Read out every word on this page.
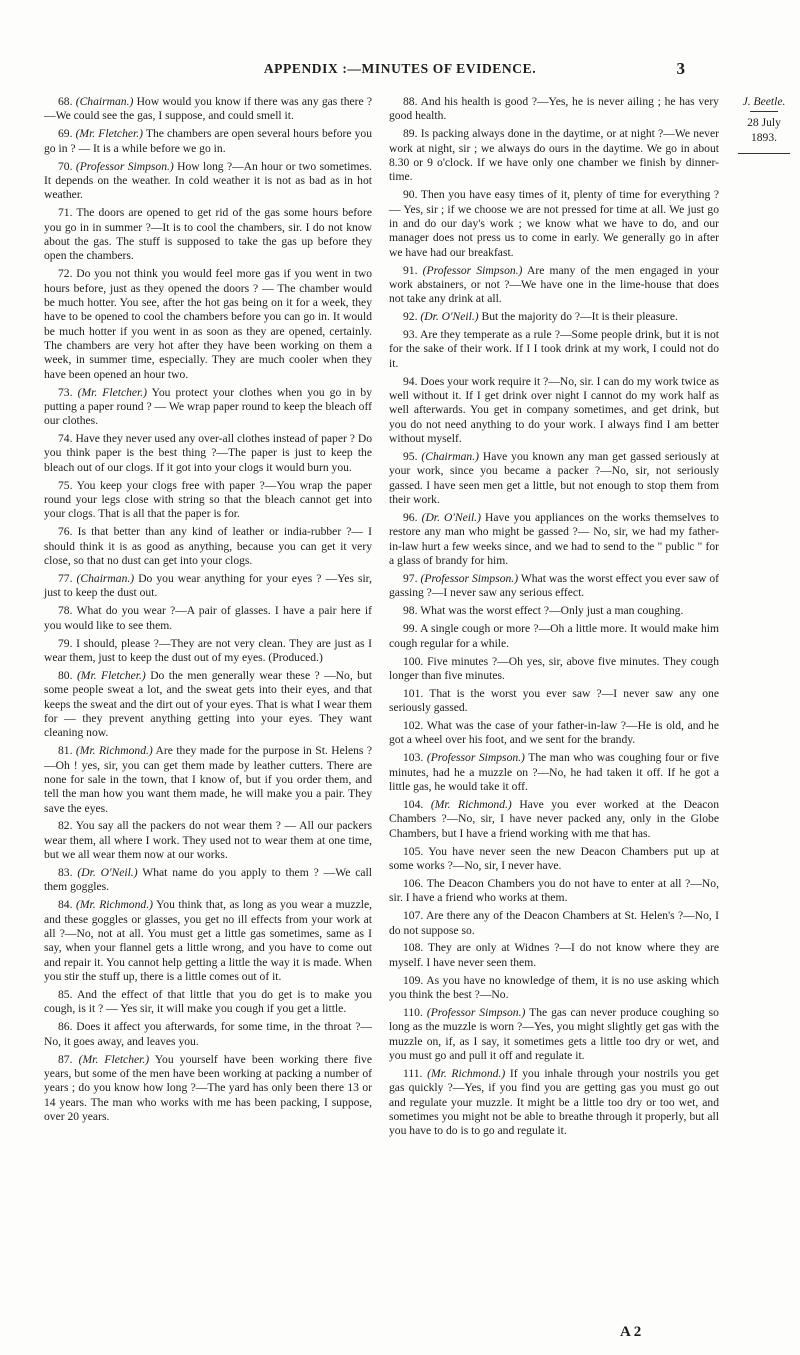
APPENDIX :—MINUTES OF EVIDENCE.	3

68. (Chairman.) How would you know if there was any gas there ?—We could see the gas, I suppose, and could smell it.

69. (Mr. Fletcher.) The chambers are open several hours before you go in ? — It is a while before we go in.

70. (Professor Simpson.) How long ?—An hour or two sometimes. It depends on the weather. In cold weather it is not as bad as in hot weather.

71. The doors are opened to get rid of the gas some hours before you go in in summer ?—It is to cool the chambers, sir. I do not know about the gas. The stuff is supposed to take the gas up before they open the chambers.

72. Do you not think you would feel more gas if you went in two hours before, just as they opened the doors ? — The chamber would be much hotter. You see, after the hot gas being on it for a week, they have to be opened to cool the chambers before you can go in. It would be much hotter if you went in as soon as they are opened, certainly. The chambers are very hot after they have been working on them a week, in summer time, especially. They are much cooler when they have been opened an hour two.

73. (Mr. Fletcher.) You protect your clothes when you go in by putting a paper round ? — We wrap paper round to keep the bleach off our clothes.

74. Have they never used any over-all clothes instead of paper ? Do you think paper is the best thing ?—The paper is just to keep the bleach out of our clogs. If it got into your clogs it would burn you.

75. You keep your clogs free with paper ?—You wrap the paper round your legs close with string so that the bleach cannot get into your clogs. That is all that the paper is for.

76. Is that better than any kind of leather or india-rubber ?— I should think it is as good as anything, because you can get it very close, so that no dust can get into your clogs.

77. (Chairman.) Do you wear anything for your eyes ? —Yes sir, just to keep the dust out.

78. What do you wear ?—A pair of glasses. I have a pair here if you would like to see them.

79. I should, please ?—They are not very clean. They are just as I wear them, just to keep the dust out of my eyes. (Produced.)

80. (Mr. Fletcher.) Do the men generally wear these ? —No, but some people sweat a lot, and the sweat gets into their eyes, and that keeps the sweat and the dirt out of your eyes. That is what I wear them for — they prevent anything getting into your eyes. They want cleaning now.

81. (Mr. Richmond.) Are they made for the purpose in St. Helens ?—Oh ! yes, sir, you can get them made by leather cutters. There are none for sale in the town, that I know of, but if you order them, and tell the man how you want them made, he will make you a pair. They save the eyes.

82. You say all the packers do not wear them ? — All our packers wear them, all where I work. They used not to wear them at one time, but we all wear them now at our works.

83. (Dr. O'Neil.) What name do you apply to them ? —We call them goggles.

84. (Mr. Richmond.) You think that, as long as you wear a muzzle, and these goggles or glasses, you get no ill effects from your work at all ?—No, not at all. You must get a little gas sometimes, same as I say, when your flannel gets a little wrong, and you have to come out and repair it. You cannot help getting a little the way it is made. When you stir the stuff up, there is a little comes out of it.

85. And the effect of that little that you do get is to make you cough, is it ? — Yes sir, it will make you cough if you get a little.

86. Does it affect you afterwards, for some time, in the throat ?—No, it goes away, and leaves you.

87. (Mr. Fletcher.) You yourself have been working there five years, but some of the men have been working at packing a number of years ; do you know how long ?—The yard has only been there 13 or 14 years. The man who works with me has been packing, I suppose, over 20 years.

88. And his health is good ?—Yes, he is never ailing ; he has very good health.

89. Is packing always done in the daytime, or at night ?—We never work at night, sir ; we always do ours in the daytime. We go in about 8.30 or 9 o'clock. If we have only one chamber we finish by dinner-time.

90. Then you have easy times of it, plenty of time for everything ? — Yes, sir ; if we choose we are not pressed for time at all. We just go in and do our day's work ; we know what we have to do, and our manager does not press us to come in early. We generally go in after we have had our breakfast.

91. (Professor Simpson.) Are many of the men engaged in your work abstainers, or not ?—We have one in the lime-house that does not take any drink at all.

92. (Dr. O'Neil.) But the majority do ?—It is their pleasure.

93. Are they temperate as a rule ?—Some people drink, but it is not for the sake of their work. If I I took drink at my work, I could not do it.

94. Does your work require it ?—No, sir. I can do my work twice as well without it. If I get drink over night I cannot do my work half as well afterwards. You get in company sometimes, and get drink, but you do not need anything to do your work. I always find I am better without myself.

95. (Chairman.) Have you known any man get gassed seriously at your work, since you became a packer ?—No, sir, not seriously gassed. I have seen men get a little, but not enough to stop them from their work.

96. (Dr. O'Neil.) Have you appliances on the works themselves to restore any man who might be gassed ?— No, sir, we had my father-in-law hurt a few weeks since, and we had to send to the " public " for a glass of brandy for him.

97. (Professor Simpson.) What was the worst effect you ever saw of gassing ?—I never saw any serious effect.

98. What was the worst effect ?—Only just a man coughing.

99. A single cough or more ?—Oh a little more. It would make him cough regular for a while.

100. Five minutes ?—Oh yes, sir, above five minutes. They cough longer than five minutes.

101. That is the worst you ever saw ?—I never saw any one seriously gassed.

102. What was the case of your father-in-law ?—He is old, and he got a wheel over his foot, and we sent for the brandy.

103. (Professor Simpson.) The man who was coughing four or five minutes, had he a muzzle on ?—No, he had taken it off. If he got a little gas, he would take it off.

104. (Mr. Richmond.) Have you ever worked at the Deacon Chambers ?—No, sir, I have never packed any, only in the Globe Chambers, but I have a friend working with me that has.

105. You have never seen the new Deacon Chambers put up at some works ?—No, sir, I never have.

106. The Deacon Chambers you do not have to enter at all ?—No, sir. I have a friend who works at them.

107. Are there any of the Deacon Chambers at St. Helen's ?—No, I do not suppose so.

108. They are only at Widnes ?—I do not know where they are myself. I have never seen them.

109. As you have no knowledge of them, it is no use asking which you think the best ?—No.

110. (Professor Simpson.) The gas can never produce coughing so long as the muzzle is worn ?—Yes, you might slightly get gas with the muzzle on, if, as I say, it sometimes gets a little too dry or wet, and you must go and pull it off and regulate it.

111. (Mr. Richmond.) If you inhale through your nostrils you get gas quickly ?—Yes, if you find you are getting gas you must go out and regulate your muzzle. It might be a little too dry or too wet, and sometimes you might not be able to breathe through it properly, but all you have to do is to go and regulate it.

J. Beetle.
28 July 1893.
A 2
